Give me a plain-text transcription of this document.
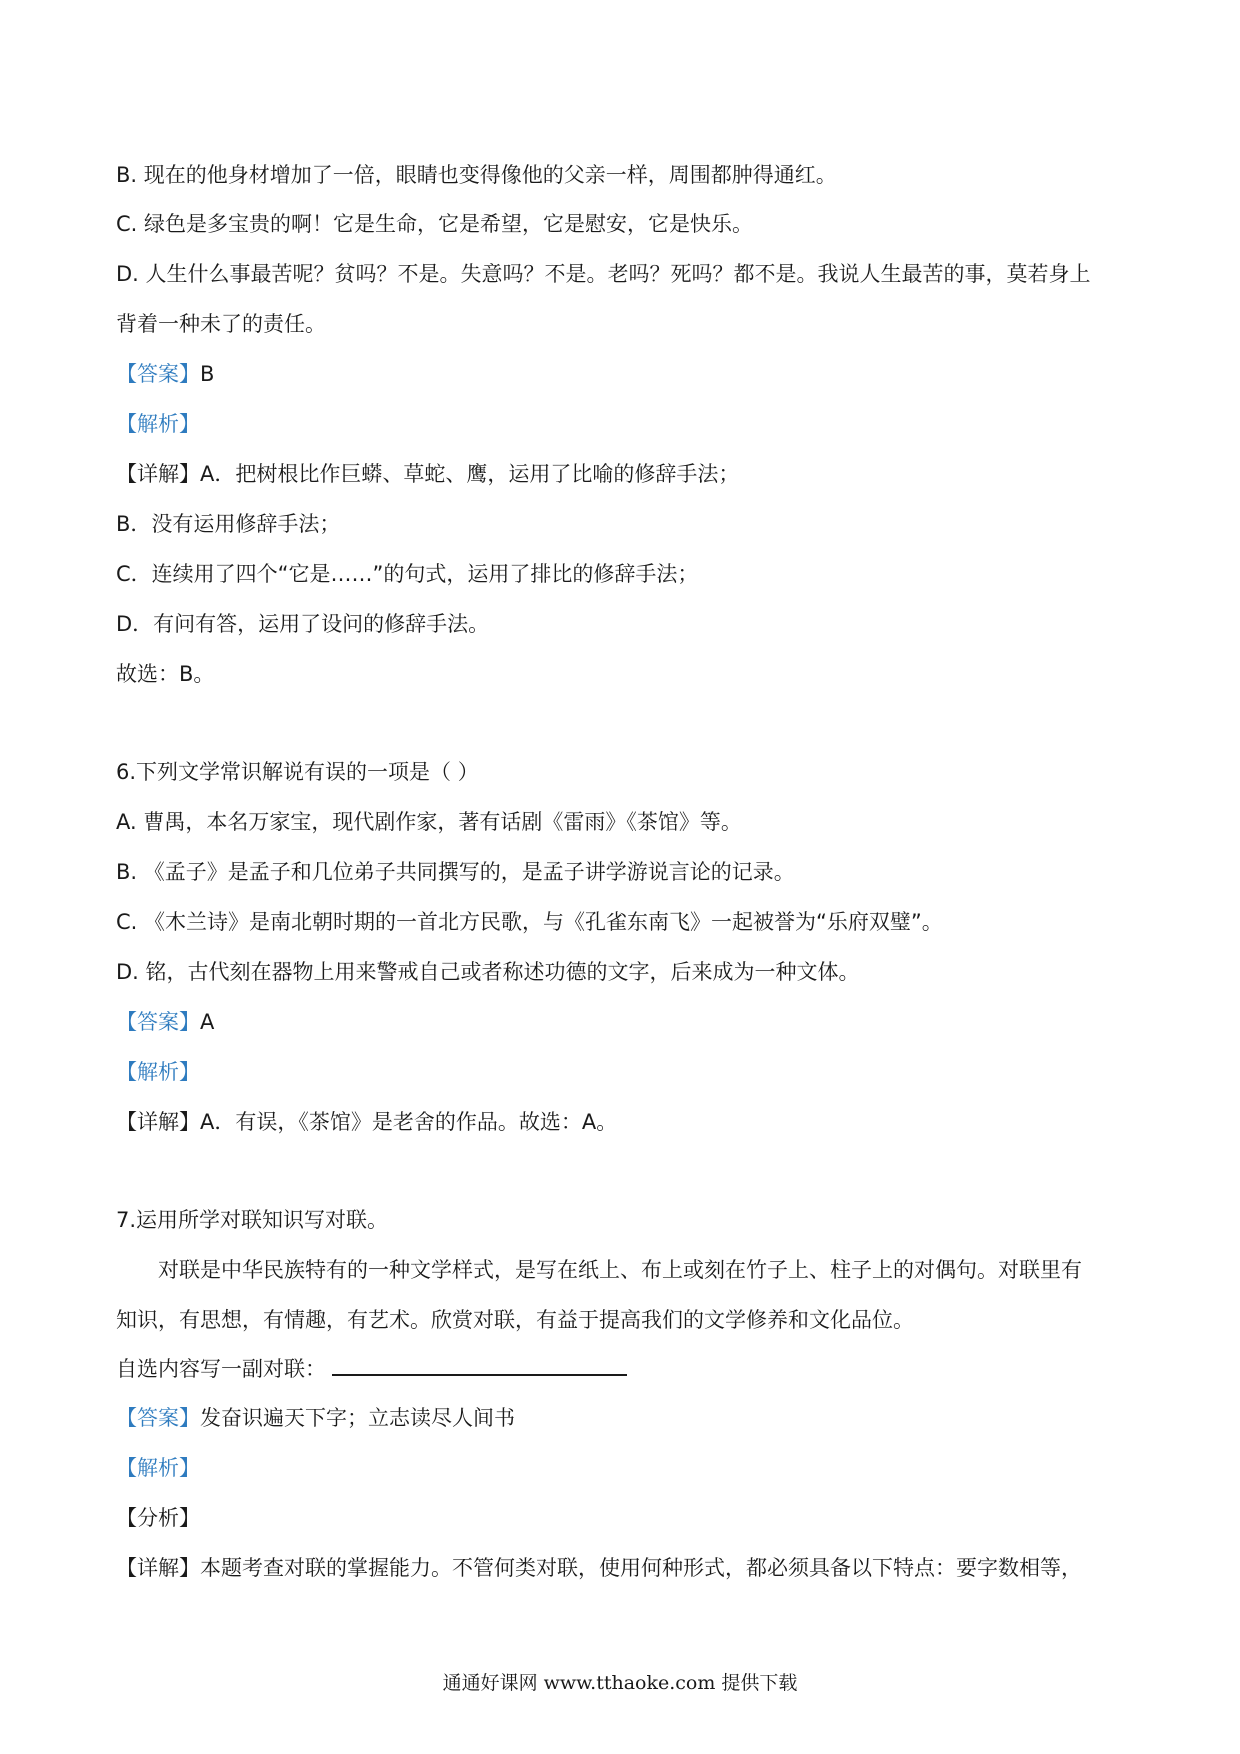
B. 现在的他身材增加了一倍，眼睛也变得像他的父亲一样，周围都肿得通红。
C. 绿色是多宝贵的啊！它是生命，它是希望，它是慰安，它是快乐。
D. 人生什么事最苦呢？贫吗？不是。失意吗？不是。老吗？死吗？都不是。我说人生最苦的事，莫若身上
背着一种未了的责任。
【答案】B
【解析】
【详解】A．把树根比作巨蟒、草蛇、鹰，运用了比喻的修辞手法；
B．没有运用修辞手法；
C．连续用了四个“它是……”的句式，运用了排比的修辞手法；
D．有问有答，运用了设问的修辞手法。
故选：B。
6.下列文学常识解说有误的一项是（ ）
A. 曹禺，本名万家宝，现代剧作家，著有话剧《雷雨》《茶馆》等。
B. 《孟子》是孟子和几位弟子共同撰写的，是孟子讲学游说言论的记录。
C. 《木兰诗》是南北朝时期的一首北方民歌，与《孔雀东南飞》一起被誉为“乐府双璧”。
D. 铭，古代刻在器物上用来警戒自己或者称述功德的文字，后来成为一种文体。
【答案】A
【解析】
【详解】A．有误，《茶馆》是老舍的作品。故选：A。
7.运用所学对联知识写对联。
对联是中华民族特有的一种文学样式，是写在纸上、布上或刻在竹子上、柱子上的对偶句。对联里有
知识，有思想，有情趣，有艺术。欣赏对联，有益于提高我们的文学修养和文化品位。
自选内容写一副对联：
【答案】发奋识遍天下字；立志读尽人间书
【解析】
【分析】
【详解】本题考查对联的掌握能力。不管何类对联，使用何种形式，都必须具备以下特点：要字数相等，
通通好课网 www.tthaoke.com 提供下载
